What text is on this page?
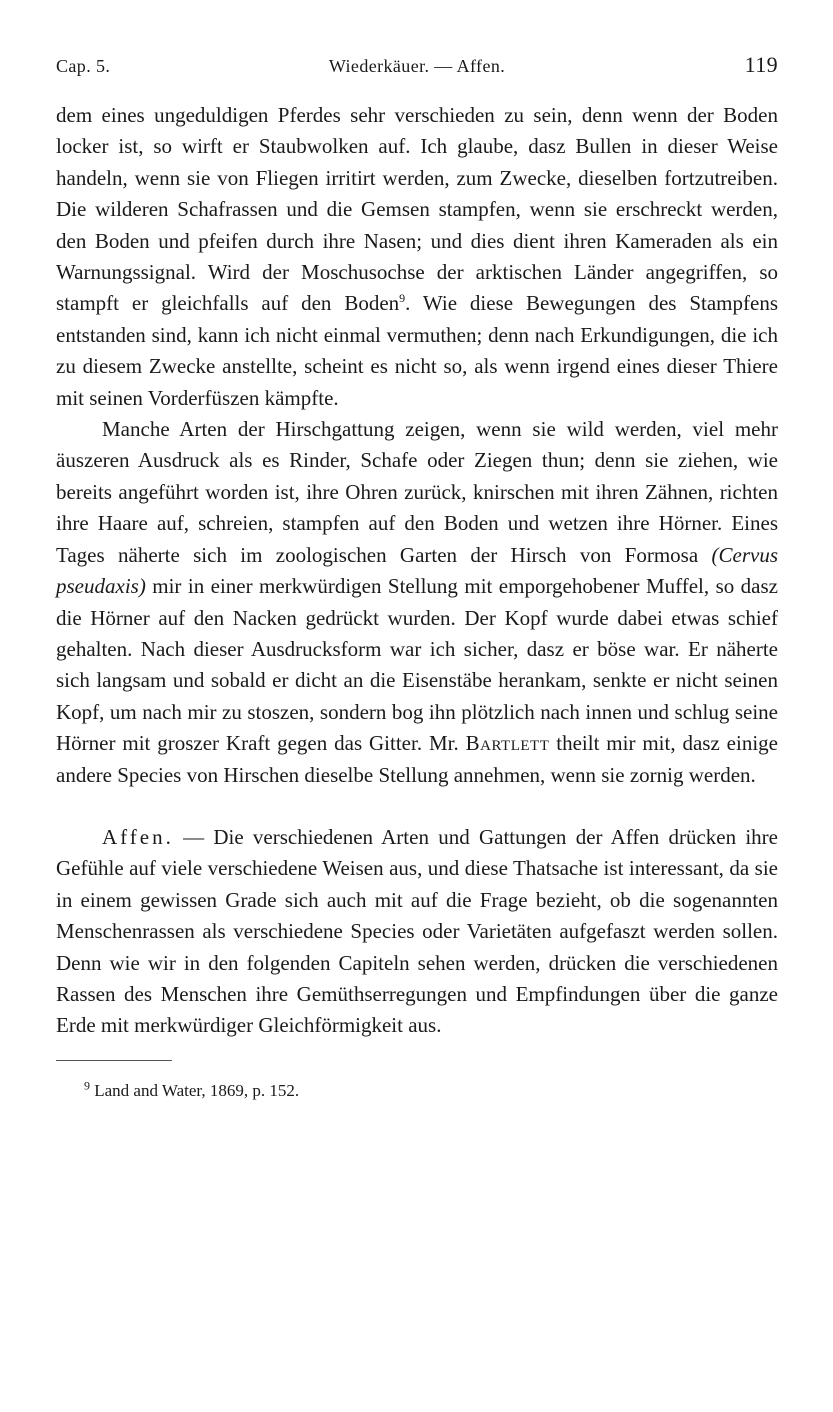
Cap. 5.	Wiederkäuer. — Affen.	119

dem eines ungeduldigen Pferdes sehr verschieden zu sein, denn wenn der Boden locker ist, so wirft er Staubwolken auf. Ich glaube, dasz Bullen in dieser Weise handeln, wenn sie von Fliegen irritirt werden, zum Zwecke, dieselben fortzutreiben. Die wilderen Schafrassen und die Gemsen stampfen, wenn sie erschreckt werden, den Boden und pfeifen durch ihre Nasen; und dies dient ihren Kameraden als ein Warnungssignal. Wird der Moschusochse der arktischen Länder angegriffen, so stampft er gleichfalls auf den Boden$^9$. Wie diese Bewegungen des Stampfens entstanden sind, kann ich nicht einmal vermuthen; denn nach Erkundigungen, die ich zu diesem Zwecke anstellte, scheint es nicht so, als wenn irgend eines dieser Thiere mit seinen Vorderfüszen kämpfte.

Manche Arten der Hirschgattung zeigen, wenn sie wild werden, viel mehr äuszeren Ausdruck als es Rinder, Schafe oder Ziegen thun; denn sie ziehen, wie bereits angeführt worden ist, ihre Ohren zurück, knirschen mit ihren Zähnen, richten ihre Haare auf, schreien, stampfen auf den Boden und wetzen ihre Hörner. Eines Tages näherte sich im zoologischen Garten der Hirsch von Formosa (Cervus pseudaxis) mir in einer merkwürdigen Stellung mit emporgehobener Muffel, so dasz die Hörner auf den Nacken gedrückt wurden. Der Kopf wurde dabei etwas schief gehalten. Nach dieser Ausdrucksform war ich sicher, dasz er böse war. Er näherte sich langsam und sobald er dicht an die Eisenstäbe herankam, senkte er nicht seinen Kopf, um nach mir zu stoszen, sondern bog ihn plötzlich nach innen und schlug seine Hörner mit groszer Kraft gegen das Gitter. Mr. Bartlett theilt mir mit, dasz einige andere Species von Hirschen dieselbe Stellung annehmen, wenn sie zornig werden.

Affen. — Die verschiedenen Arten und Gattungen der Affen drücken ihre Gefühle auf viele verschiedene Weisen aus, und diese Thatsache ist interessant, da sie in einem gewissen Grade sich auch mit auf die Frage bezieht, ob die sogenannten Menschenrassen als verschiedene Species oder Varietäten aufgefaszt werden sollen. Denn wie wir in den folgenden Capiteln sehen werden, drücken die verschiedenen Rassen des Menschen ihre Gemüthserregungen und Empfindungen über die ganze Erde mit merkwürdiger Gleichförmigkeit aus.

$^9$ Land and Water, 1869, p. 152.
